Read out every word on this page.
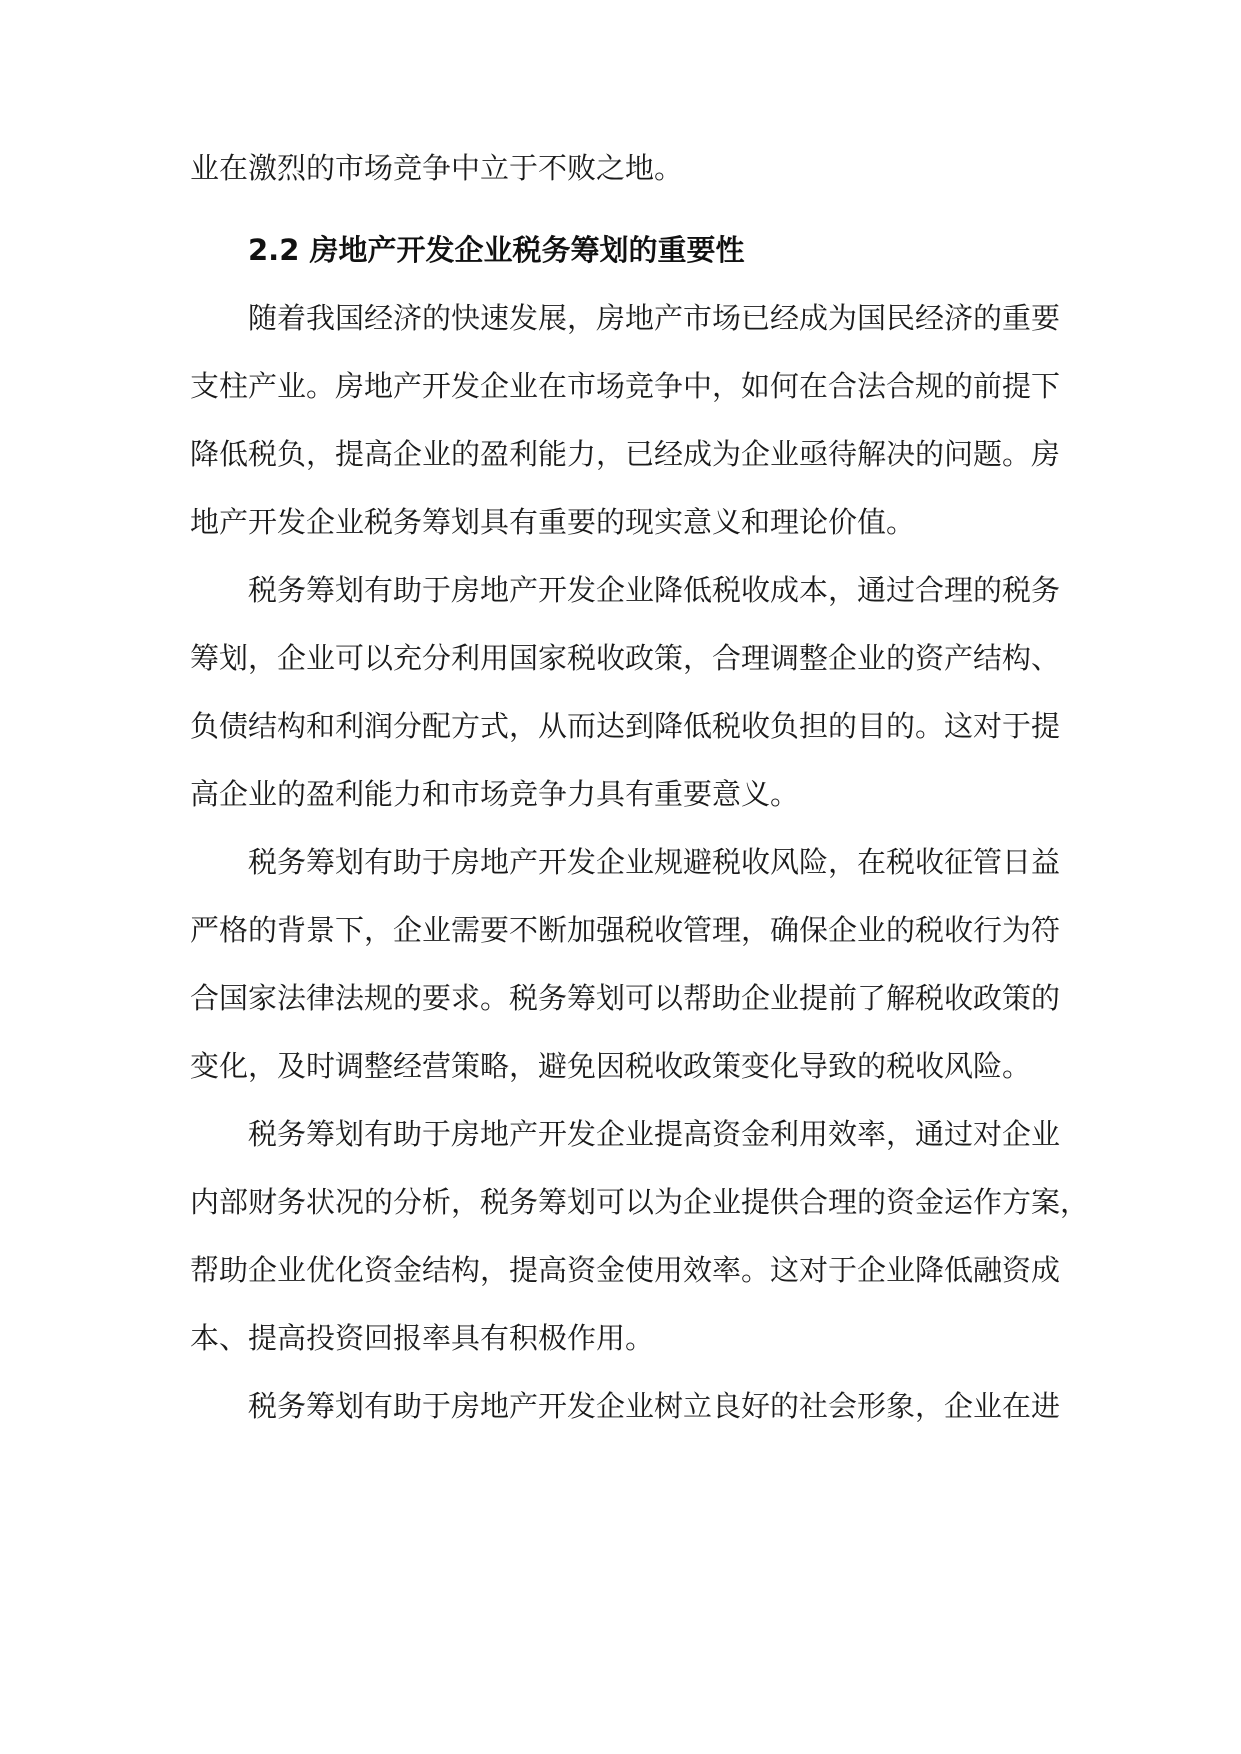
业在激烈的市场竞争中立于不败之地。
2.2 房地产开发企业税务筹划的重要性
随着我国经济的快速发展，房地产市场已经成为国民经济的重要
支柱产业。房地产开发企业在市场竞争中，如何在合法合规的前提下
降低税负，提高企业的盈利能力，已经成为企业亟待解决的问题。房
地产开发企业税务筹划具有重要的现实意义和理论价值。
税务筹划有助于房地产开发企业降低税收成本，通过合理的税务
筹划，企业可以充分利用国家税收政策，合理调整企业的资产结构、
负债结构和利润分配方式，从而达到降低税收负担的目的。这对于提
高企业的盈利能力和市场竞争力具有重要意义。
税务筹划有助于房地产开发企业规避税收风险，在税收征管日益
严格的背景下，企业需要不断加强税收管理，确保企业的税收行为符
合国家法律法规的要求。税务筹划可以帮助企业提前了解税收政策的
变化，及时调整经营策略，避免因税收政策变化导致的税收风险。
税务筹划有助于房地产开发企业提高资金利用效率，通过对企业
内部财务状况的分析，税务筹划可以为企业提供合理的资金运作方案，
帮助企业优化资金结构，提高资金使用效率。这对于企业降低融资成
本、提高投资回报率具有积极作用。
税务筹划有助于房地产开发企业树立良好的社会形象，企业在进
